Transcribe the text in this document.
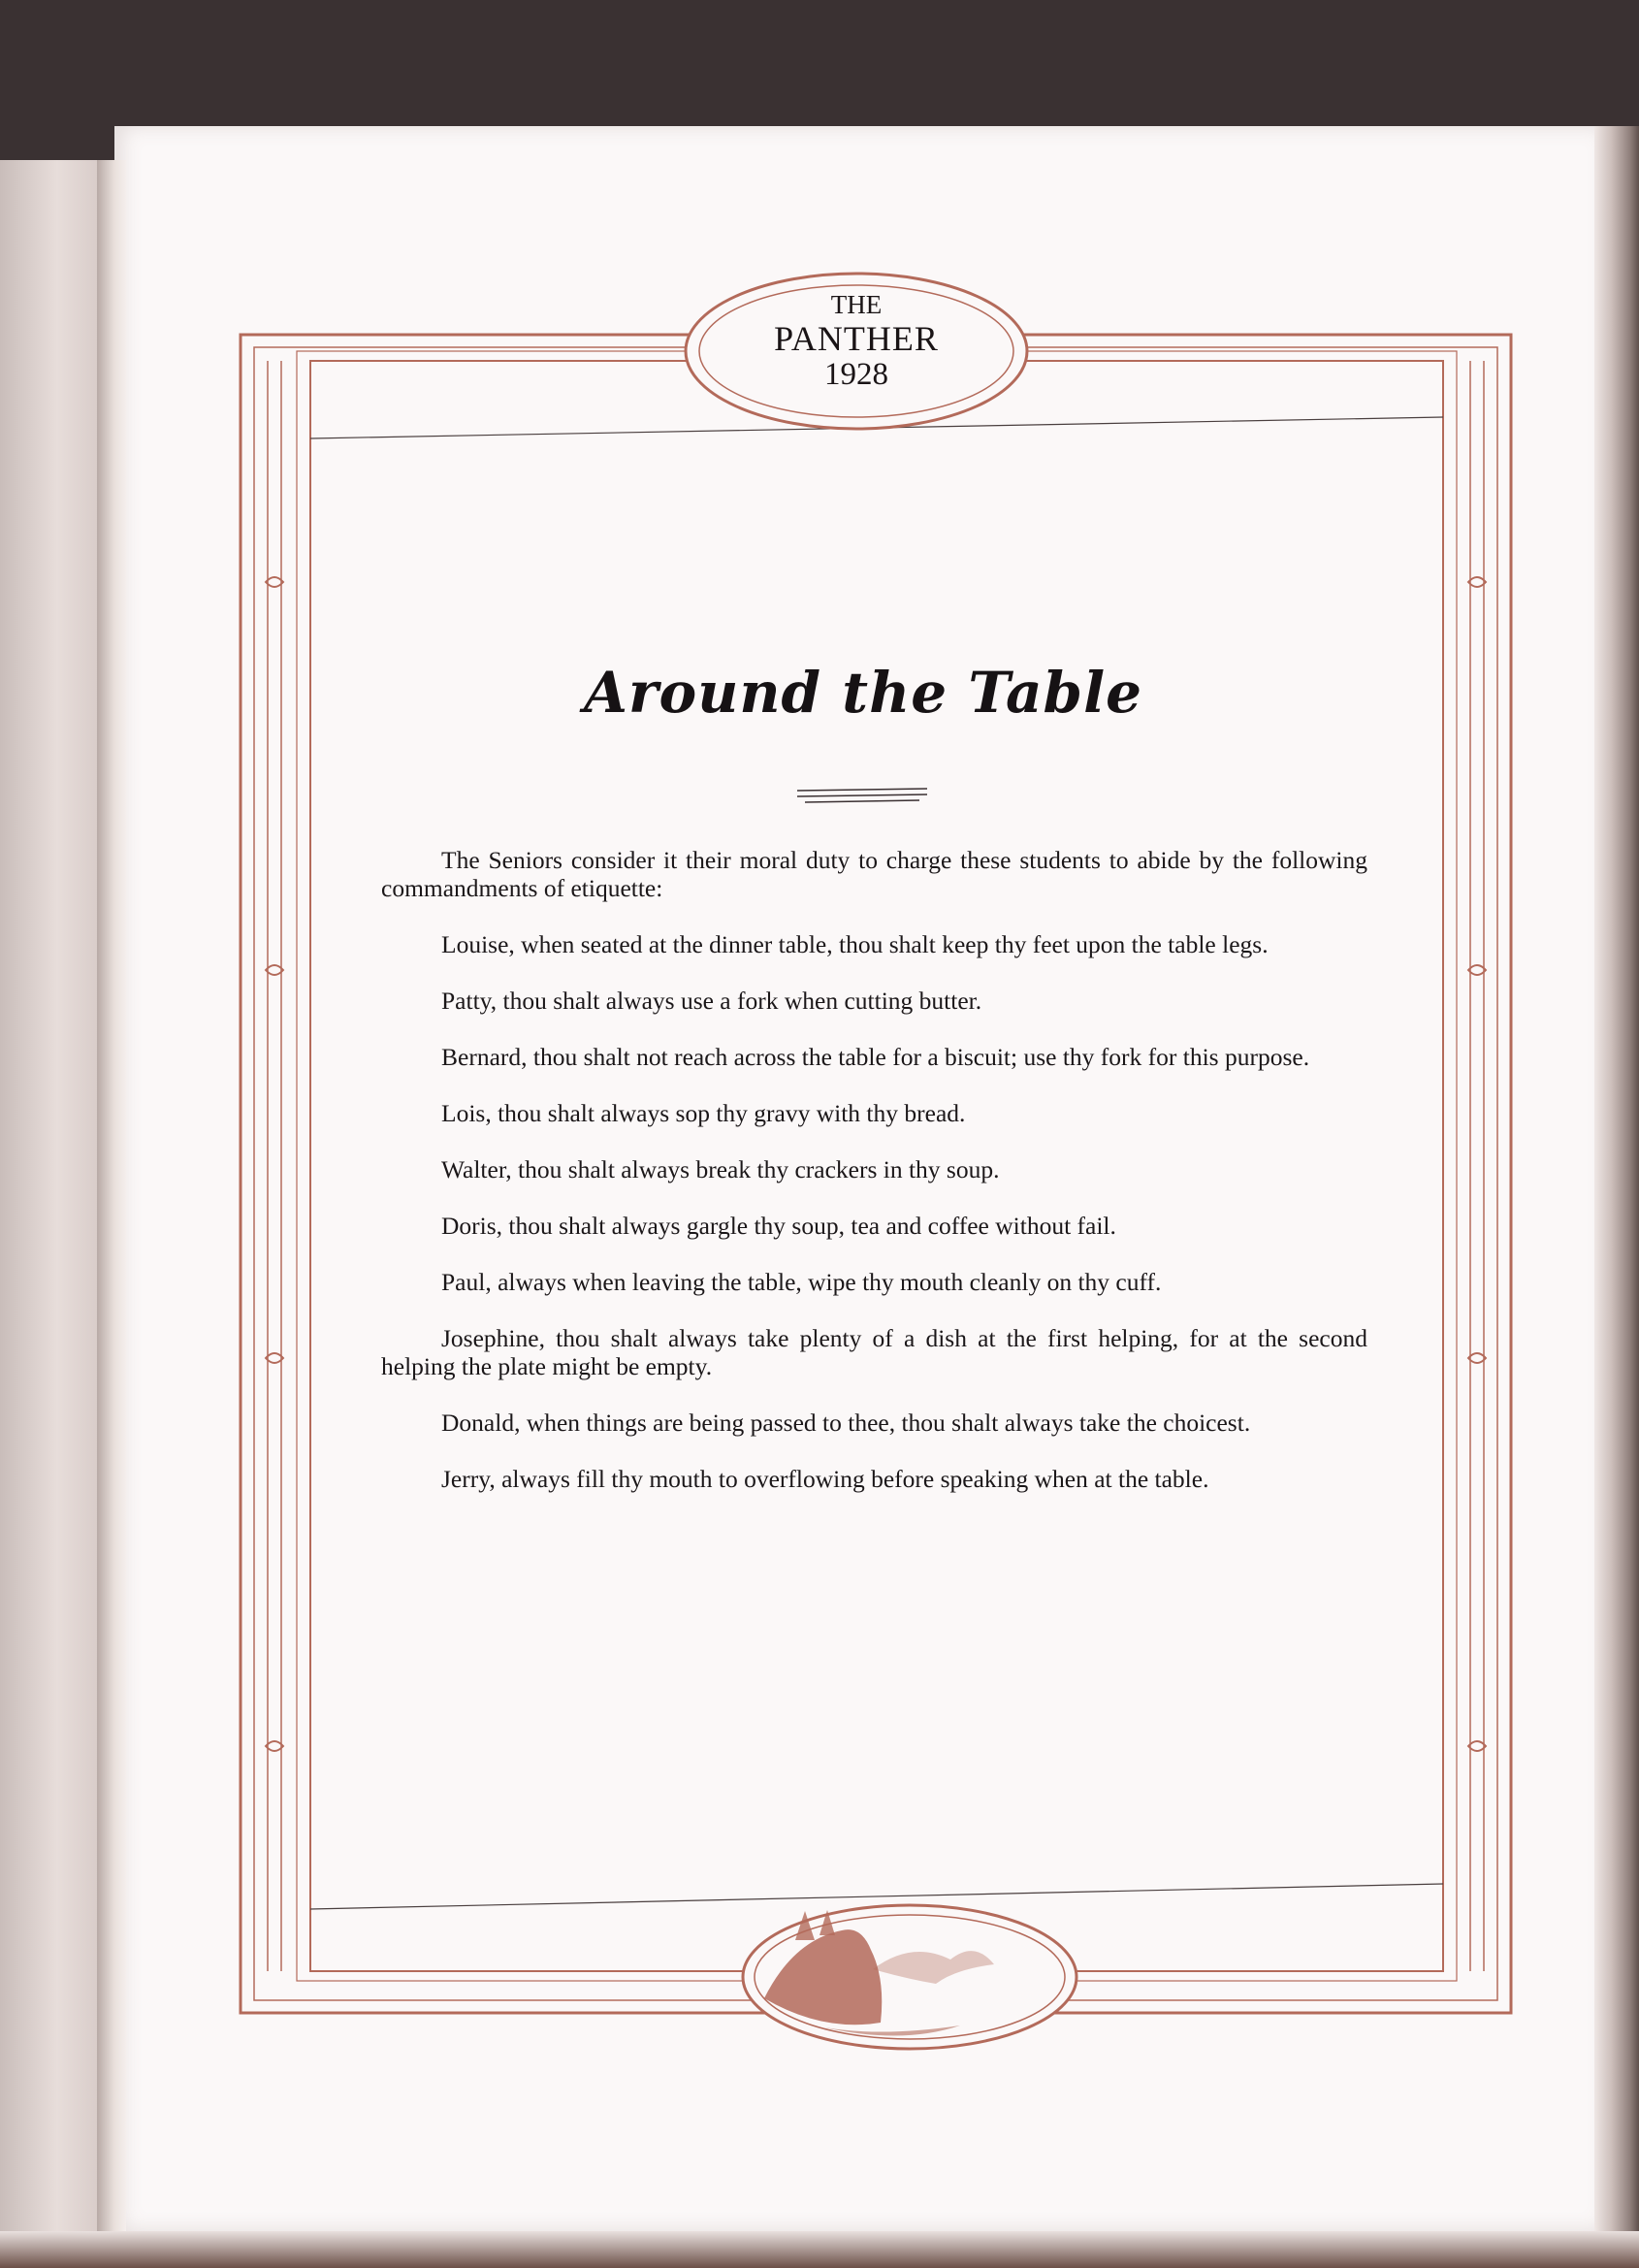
THE
PANTHER
1928
Around the Table

The Seniors consider it their moral duty to charge these students to abide by the following commandments of etiquette:

Louise, when seated at the dinner table, thou shalt keep thy feet upon the table legs.

Patty, thou shalt always use a fork when cutting butter.

Bernard, thou shalt not reach across the table for a biscuit; use thy fork for this purpose.

Lois, thou shalt always sop thy gravy with thy bread.

Walter, thou shalt always break thy crackers in thy soup.

Doris, thou shalt always gargle thy soup, tea and coffee without fail.

Paul, always when leaving the table, wipe thy mouth cleanly on thy cuff.

Josephine, thou shalt always take plenty of a dish at the first helping, for at the second helping the plate might be empty.

Donald, when things are being passed to thee, thou shalt always take the choicest.

Jerry, always fill thy mouth to overflowing before speaking when at the table.
